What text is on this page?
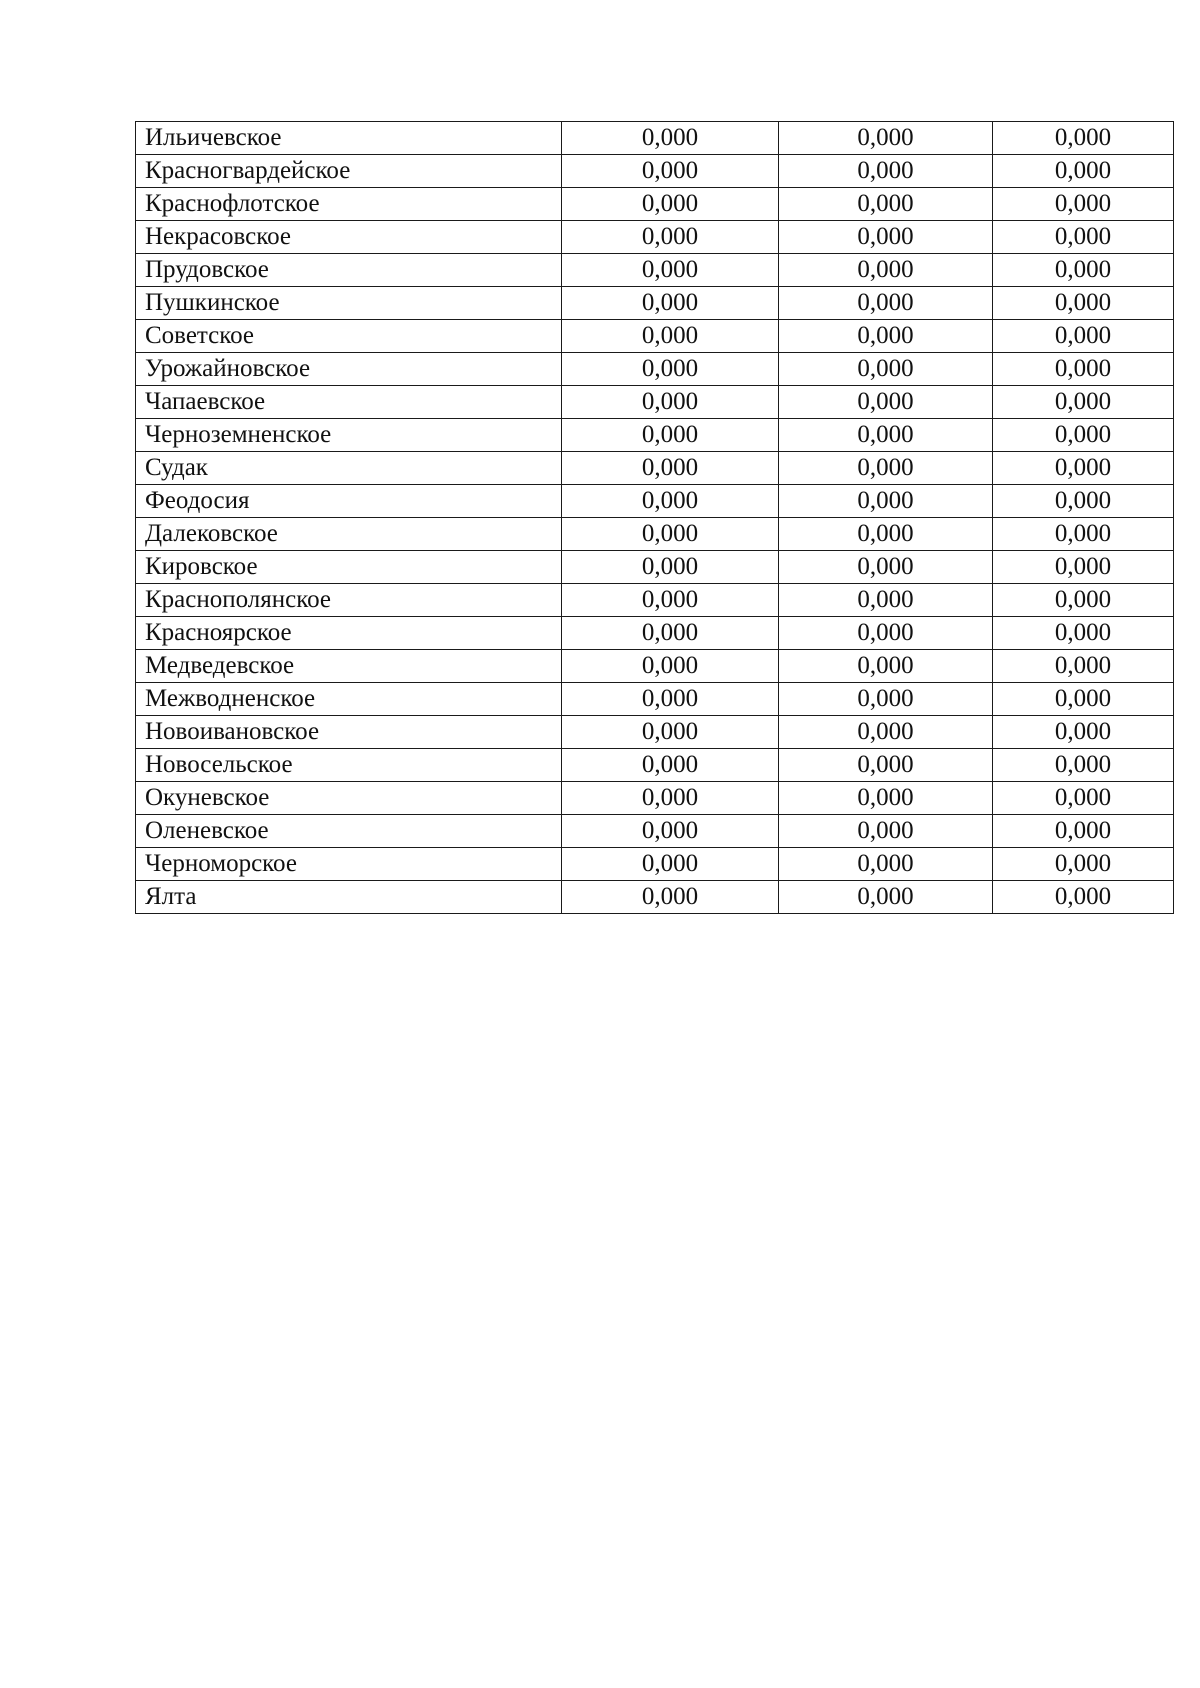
Ильичевское	0,000	0,000	0,000
Красногвардейское	0,000	0,000	0,000
Краснофлотское	0,000	0,000	0,000
Некрасовское	0,000	0,000	0,000
Прудовское	0,000	0,000	0,000
Пушкинское	0,000	0,000	0,000
Советское	0,000	0,000	0,000
Урожайновское	0,000	0,000	0,000
Чапаевское	0,000	0,000	0,000
Черноземненское	0,000	0,000	0,000
Судак	0,000	0,000	0,000
Феодосия	0,000	0,000	0,000
Далековское	0,000	0,000	0,000
Кировское	0,000	0,000	0,000
Краснополянское	0,000	0,000	0,000
Красноярское	0,000	0,000	0,000
Медведевское	0,000	0,000	0,000
Межводненское	0,000	0,000	0,000
Новоивановское	0,000	0,000	0,000
Новосельское	0,000	0,000	0,000
Окуневское	0,000	0,000	0,000
Оленевское	0,000	0,000	0,000
Черноморское	0,000	0,000	0,000
Ялта	0,000	0,000	0,000
